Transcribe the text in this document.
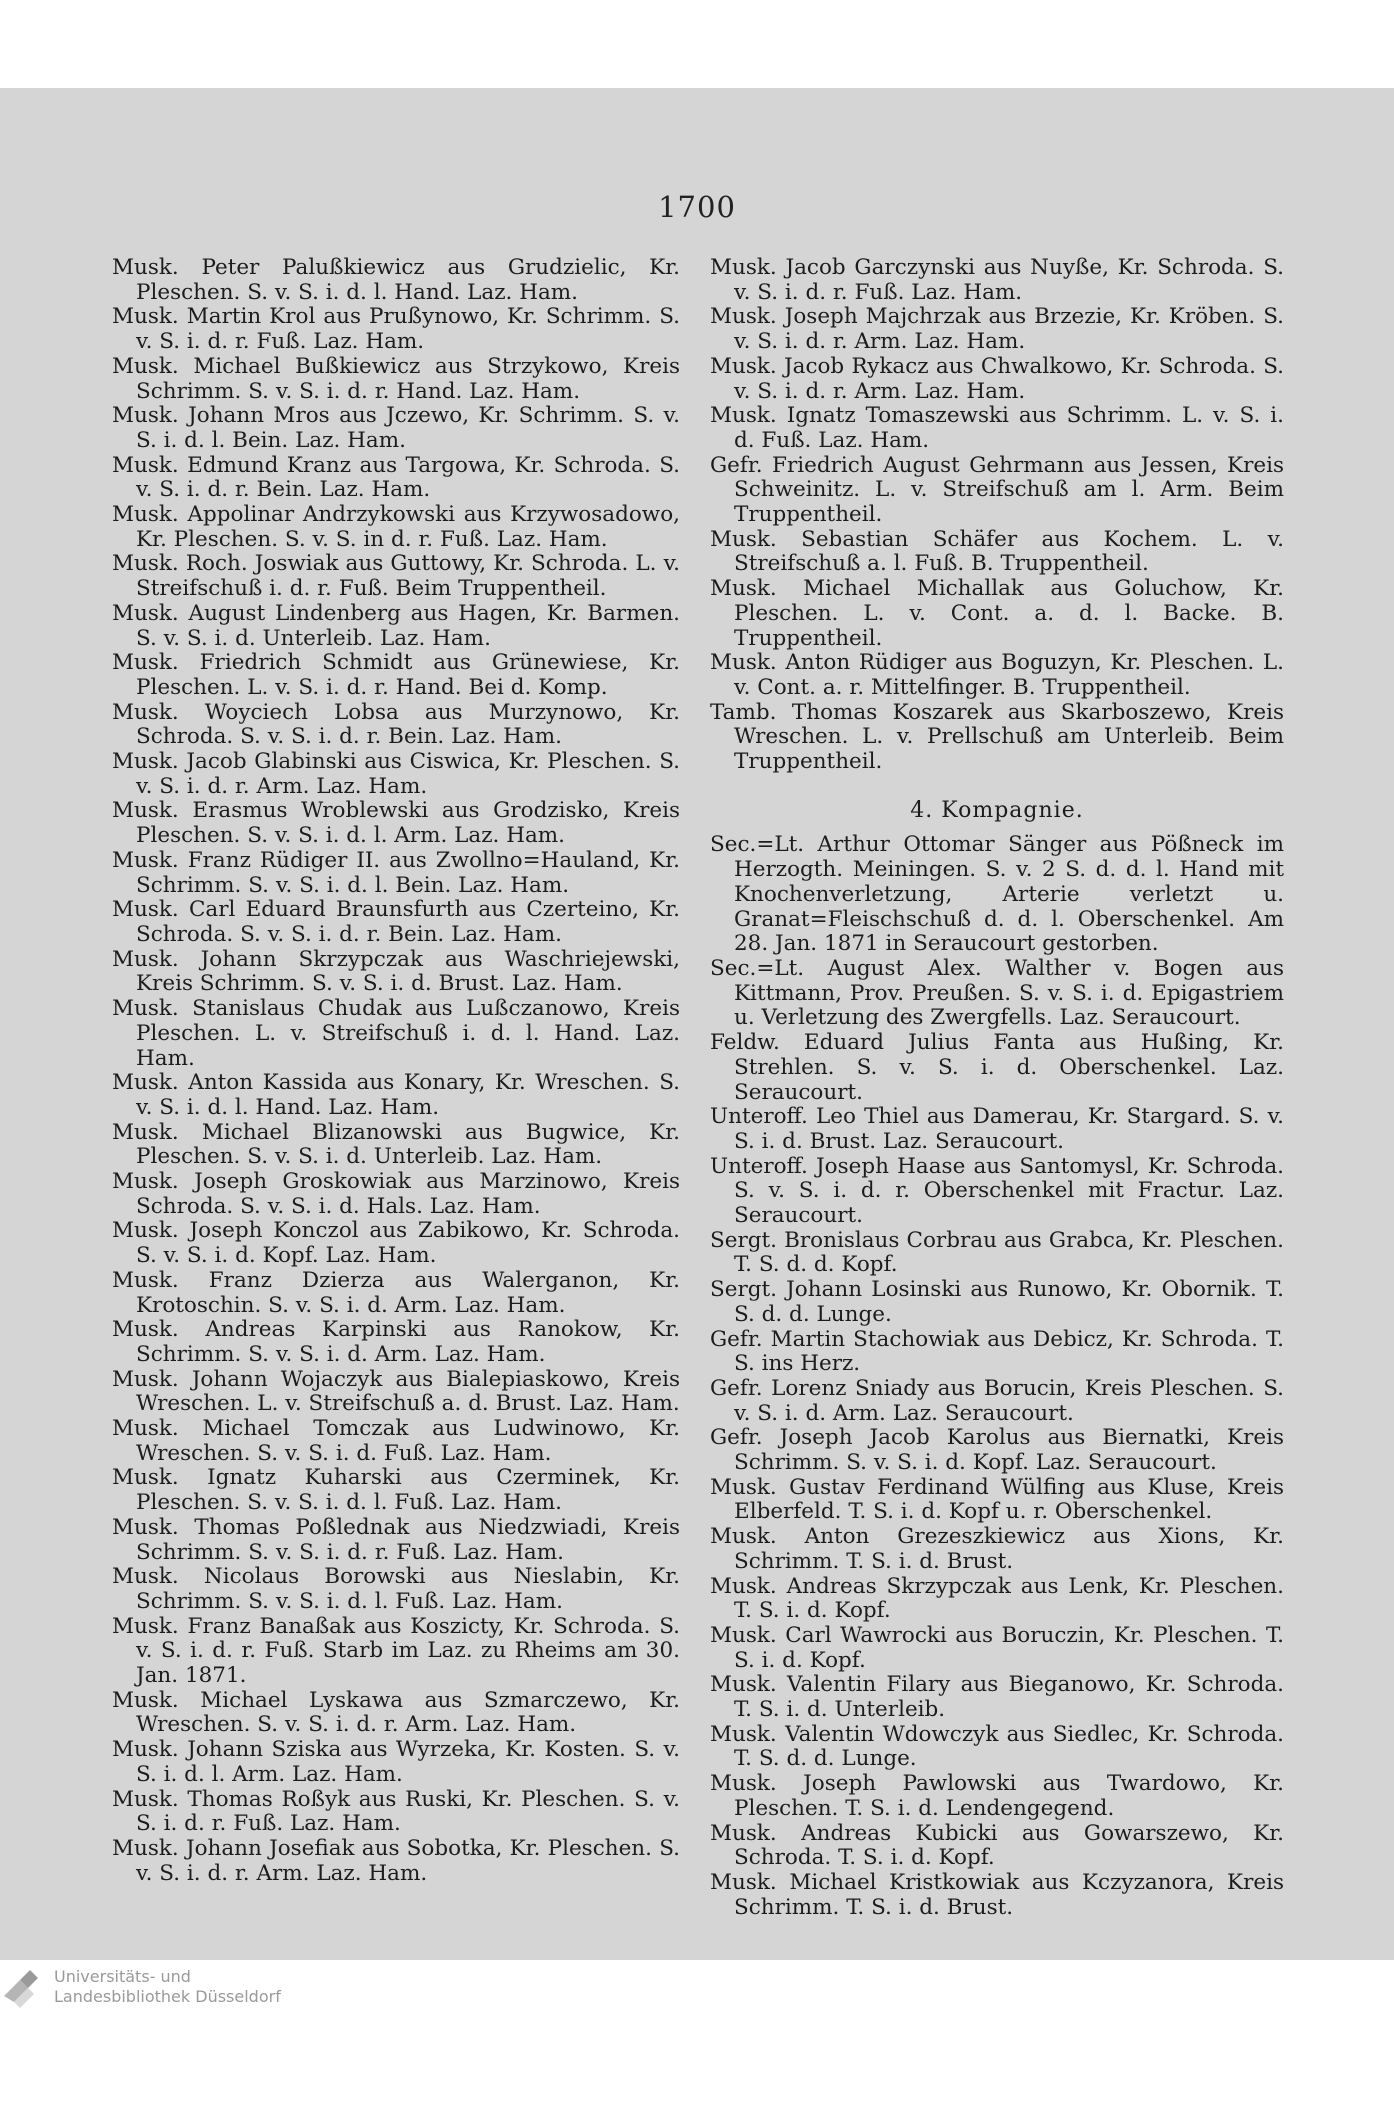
1700

Musk. Peter Palußkiewicz aus Grudzielic, Kr. Pleschen. S. v. S. i. d. l. Hand. Laz. Ham.

Musk. Martin Krol aus Prußynowo, Kr. Schrimm. S. v. S. i. d. r. Fuß. Laz. Ham.

Musk. Michael Bußkiewicz aus Strzykowo, Kreis Schrimm. S. v. S. i. d. r. Hand. Laz. Ham.

Musk. Johann Mros aus Jczewo, Kr. Schrimm. S. v. S. i. d. l. Bein. Laz. Ham.

Musk. Edmund Kranz aus Targowa, Kr. Schroda. S. v. S. i. d. r. Bein. Laz. Ham.

Musk. Appolinar Andrzykowski aus Krzywosadowo, Kr. Pleschen. S. v. S. in d. r. Fuß. Laz. Ham.

Musk. Roch. Joswiak aus Guttowy, Kr. Schroda. L. v. Streifschuß i. d. r. Fuß. Beim Truppentheil.

Musk. August Lindenberg aus Hagen, Kr. Barmen. S. v. S. i. d. Unterleib. Laz. Ham.

Musk. Friedrich Schmidt aus Grünewiese, Kr. Pleschen. L. v. S. i. d. r. Hand. Bei d. Komp.

Musk. Woyciech Lobsa aus Murzynowo, Kr. Schroda. S. v. S. i. d. r. Bein. Laz. Ham.

Musk. Jacob Glabinski aus Ciswica, Kr. Pleschen. S. v. S. i. d. r. Arm. Laz. Ham.

Musk. Erasmus Wroblewski aus Grodzisko, Kreis Pleschen. S. v. S. i. d. l. Arm. Laz. Ham.

Musk. Franz Rüdiger II. aus Zwollno=Hauland, Kr. Schrimm. S. v. S. i. d. l. Bein. Laz. Ham.

Musk. Carl Eduard Braunsfurth aus Czerteino, Kr. Schroda. S. v. S. i. d. r. Bein. Laz. Ham.

Musk. Johann Skrzypczak aus Waschriejewski, Kreis Schrimm. S. v. S. i. d. Brust. Laz. Ham.

Musk. Stanislaus Chudak aus Lußczanowo, Kreis Pleschen. L. v. Streifschuß i. d. l. Hand. Laz. Ham.

Musk. Anton Kassida aus Konary, Kr. Wreschen. S. v. S. i. d. l. Hand. Laz. Ham.

Musk. Michael Blizanowski aus Bugwice, Kr. Pleschen. S. v. S. i. d. Unterleib. Laz. Ham.

Musk. Joseph Groskowiak aus Marzinowo, Kreis Schroda. S. v. S. i. d. Hals. Laz. Ham.

Musk. Joseph Konczol aus Zabikowo, Kr. Schroda. S. v. S. i. d. Kopf. Laz. Ham.

Musk. Franz Dzierza aus Walerganon, Kr. Krotoschin. S. v. S. i. d. Arm. Laz. Ham.

Musk. Andreas Karpinski aus Ranokow, Kr. Schrimm. S. v. S. i. d. Arm. Laz. Ham.

Musk. Johann Wojaczyk aus Bialepiaskowo, Kreis Wreschen. L. v. Streifschuß a. d. Brust. Laz. Ham.

Musk. Michael Tomczak aus Ludwinowo, Kr. Wreschen. S. v. S. i. d. Fuß. Laz. Ham.

Musk. Ignatz Kuharski aus Czerminek, Kr. Pleschen. S. v. S. i. d. l. Fuß. Laz. Ham.

Musk. Thomas Poßlednak aus Niedzwiadi, Kreis Schrimm. S. v. S. i. d. r. Fuß. Laz. Ham.

Musk. Nicolaus Borowski aus Nieslabin, Kr. Schrimm. S. v. S. i. d. l. Fuß. Laz. Ham.

Musk. Franz Banaßak aus Koszicty, Kr. Schroda. S. v. S. i. d. r. Fuß. Starb im Laz. zu Rheims am 30. Jan. 1871.

Musk. Michael Lyskawa aus Szmarczewo, Kr. Wreschen. S. v. S. i. d. r. Arm. Laz. Ham.

Musk. Johann Sziska aus Wyrzeka, Kr. Kosten. S. v. S. i. d. l. Arm. Laz. Ham.

Musk. Thomas Roßyk aus Ruski, Kr. Pleschen. S. v. S. i. d. r. Fuß. Laz. Ham.

Musk. Johann Josefiak aus Sobotka, Kr. Pleschen. S. v. S. i. d. r. Arm. Laz. Ham.

Musk. Jacob Garczynski aus Nuyße, Kr. Schroda. S. v. S. i. d. r. Fuß. Laz. Ham.

Musk. Joseph Majchrzak aus Brzezie, Kr. Kröben. S. v. S. i. d. r. Arm. Laz. Ham.

Musk. Jacob Rykacz aus Chwalkowo, Kr. Schroda. S. v. S. i. d. r. Arm. Laz. Ham.

Musk. Ignatz Tomaszewski aus Schrimm. L. v. S. i. d. Fuß. Laz. Ham.

Gefr. Friedrich August Gehrmann aus Jessen, Kreis Schweinitz. L. v. Streifschuß am l. Arm. Beim Truppentheil.

Musk. Sebastian Schäfer aus Kochem. L. v. Streifschuß a. l. Fuß. B. Truppentheil.

Musk. Michael Michallak aus Goluchow, Kr. Pleschen. L. v. Cont. a. d. l. Backe. B. Truppentheil.

Musk. Anton Rüdiger aus Boguzyn, Kr. Pleschen. L. v. Cont. a. r. Mittelfinger. B. Truppentheil.

Tamb. Thomas Koszarek aus Skarboszewo, Kreis Wreschen. L. v. Prellschuß am Unterleib. Beim Truppentheil.

4. Kompagnie.

Sec.=Lt. Arthur Ottomar Sänger aus Pößneck im Herzogth. Meiningen. S. v. 2 S. d. d. l. Hand mit Knochenverletzung, Arterie verletzt u. Granat=Fleischschuß d. d. l. Oberschenkel. Am 28. Jan. 1871 in Seraucourt gestorben.

Sec.=Lt. August Alex. Walther v. Bogen aus Kittmann, Prov. Preußen. S. v. S. i. d. Epigastriem u. Verletzung des Zwergfells. Laz. Seraucourt.

Feldw. Eduard Julius Fanta aus Hußing, Kr. Strehlen. S. v. S. i. d. Oberschenkel. Laz. Seraucourt.

Unteroff. Leo Thiel aus Damerau, Kr. Stargard. S. v. S. i. d. Brust. Laz. Seraucourt.

Unteroff. Joseph Haase aus Santomysl, Kr. Schroda. S. v. S. i. d. r. Oberschenkel mit Fractur. Laz. Seraucourt.

Sergt. Bronislaus Corbrau aus Grabca, Kr. Pleschen. T. S. d. d. Kopf.

Sergt. Johann Losinski aus Runowo, Kr. Obornik. T. S. d. d. Lunge.

Gefr. Martin Stachowiak aus Debicz, Kr. Schroda. T. S. ins Herz.

Gefr. Lorenz Sniady aus Borucin, Kreis Pleschen. S. v. S. i. d. Arm. Laz. Seraucourt.

Gefr. Joseph Jacob Karolus aus Biernatki, Kreis Schrimm. S. v. S. i. d. Kopf. Laz. Seraucourt.

Musk. Gustav Ferdinand Wülfing aus Kluse, Kreis Elberfeld. T. S. i. d. Kopf u. r. Oberschenkel.

Musk. Anton Grezeszkiewicz aus Xions, Kr. Schrimm. T. S. i. d. Brust.

Musk. Andreas Skrzypczak aus Lenk, Kr. Pleschen. T. S. i. d. Kopf.

Musk. Carl Wawrocki aus Boruczin, Kr. Pleschen. T. S. i. d. Kopf.

Musk. Valentin Filary aus Bieganowo, Kr. Schroda. T. S. i. d. Unterleib.

Musk. Valentin Wdowczyk aus Siedlec, Kr. Schroda. T. S. d. d. Lunge.

Musk. Joseph Pawlowski aus Twardowo, Kr. Pleschen. T. S. i. d. Lendengegend.

Musk. Andreas Kubicki aus Gowarszewo, Kr. Schroda. T. S. i. d. Kopf.

Musk. Michael Kristkowiak aus Kczyzanora, Kreis Schrimm. T. S. i. d. Brust.

Universitäts- und
Landesbibliothek Düsseldorf
